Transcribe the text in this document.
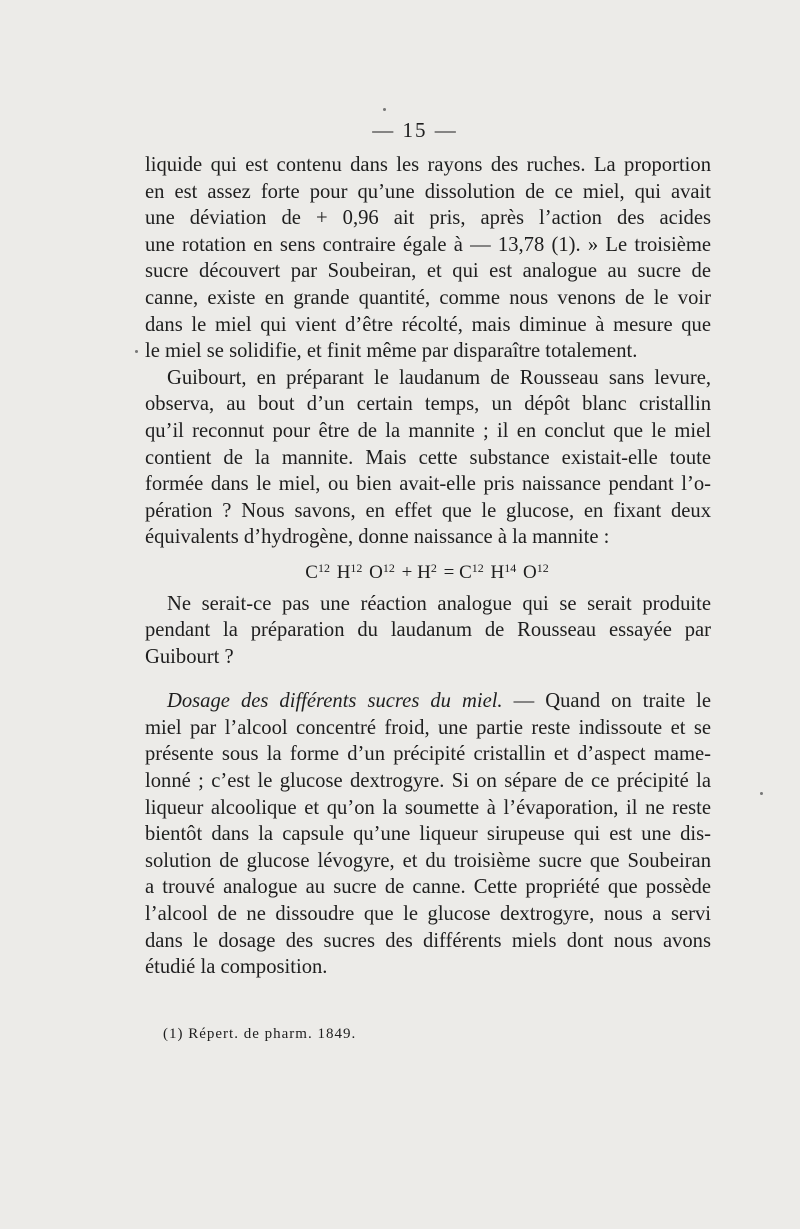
— 15 —
liquide qui est contenu dans les rayons des ruches. La proportion
en est assez forte pour qu’une dissolution de ce miel, qui avait
une déviation de + 0,96 ait pris, après l’action des acides
une rotation en sens contraire égale à — 13,78 (1). » Le troisième
sucre découvert par Soubeiran, et qui est analogue au sucre de
canne, existe en grande quantité, comme nous venons de le voir
dans le miel qui vient d’être récolté, mais diminue à mesure que
le miel se solidifie, et finit même par disparaître totalement.
Guibourt, en préparant le laudanum de Rousseau sans levure,
observa, au bout d’un certain temps, un dépôt blanc cristallin
qu’il reconnut pour être de la mannite ; il en conclut que le miel
contient de la mannite. Mais cette substance existait-elle toute
formée dans le miel, ou bien avait-elle pris naissance pendant l’o-
pération ? Nous savons, en effet que le glucose, en fixant deux
équivalents d’hydrogène, donne naissance à la mannite :
$C^{12}$ $H^{12}$ $O^{12} + H^2 = C^{12}$ $H^{14}$ $O^{12}$
Ne serait-ce pas une réaction analogue qui se serait produite
pendant la préparation du laudanum de Rousseau essayée par
Guibourt ?
Dosage des différents sucres du miel. — Quand on traite le
miel par l’alcool concentré froid, une partie reste indissoute et se
présente sous la forme d’un précipité cristallin et d’aspect mame-
lonné ; c’est le glucose dextrogyre. Si on sépare de ce précipité la
liqueur alcoolique et qu’on la soumette à l’évaporation, il ne reste
bientôt dans la capsule qu’une liqueur sirupeuse qui est une dis-
solution de glucose lévogyre, et du troisième sucre que Soubeiran
a trouvé analogue au sucre de canne. Cette propriété que possède
l’alcool de ne dissoudre que le glucose dextrogyre, nous a servi
dans le dosage des sucres des différents miels dont nous avons
étudié la composition.
(1) Répert. de pharm. 1849.
